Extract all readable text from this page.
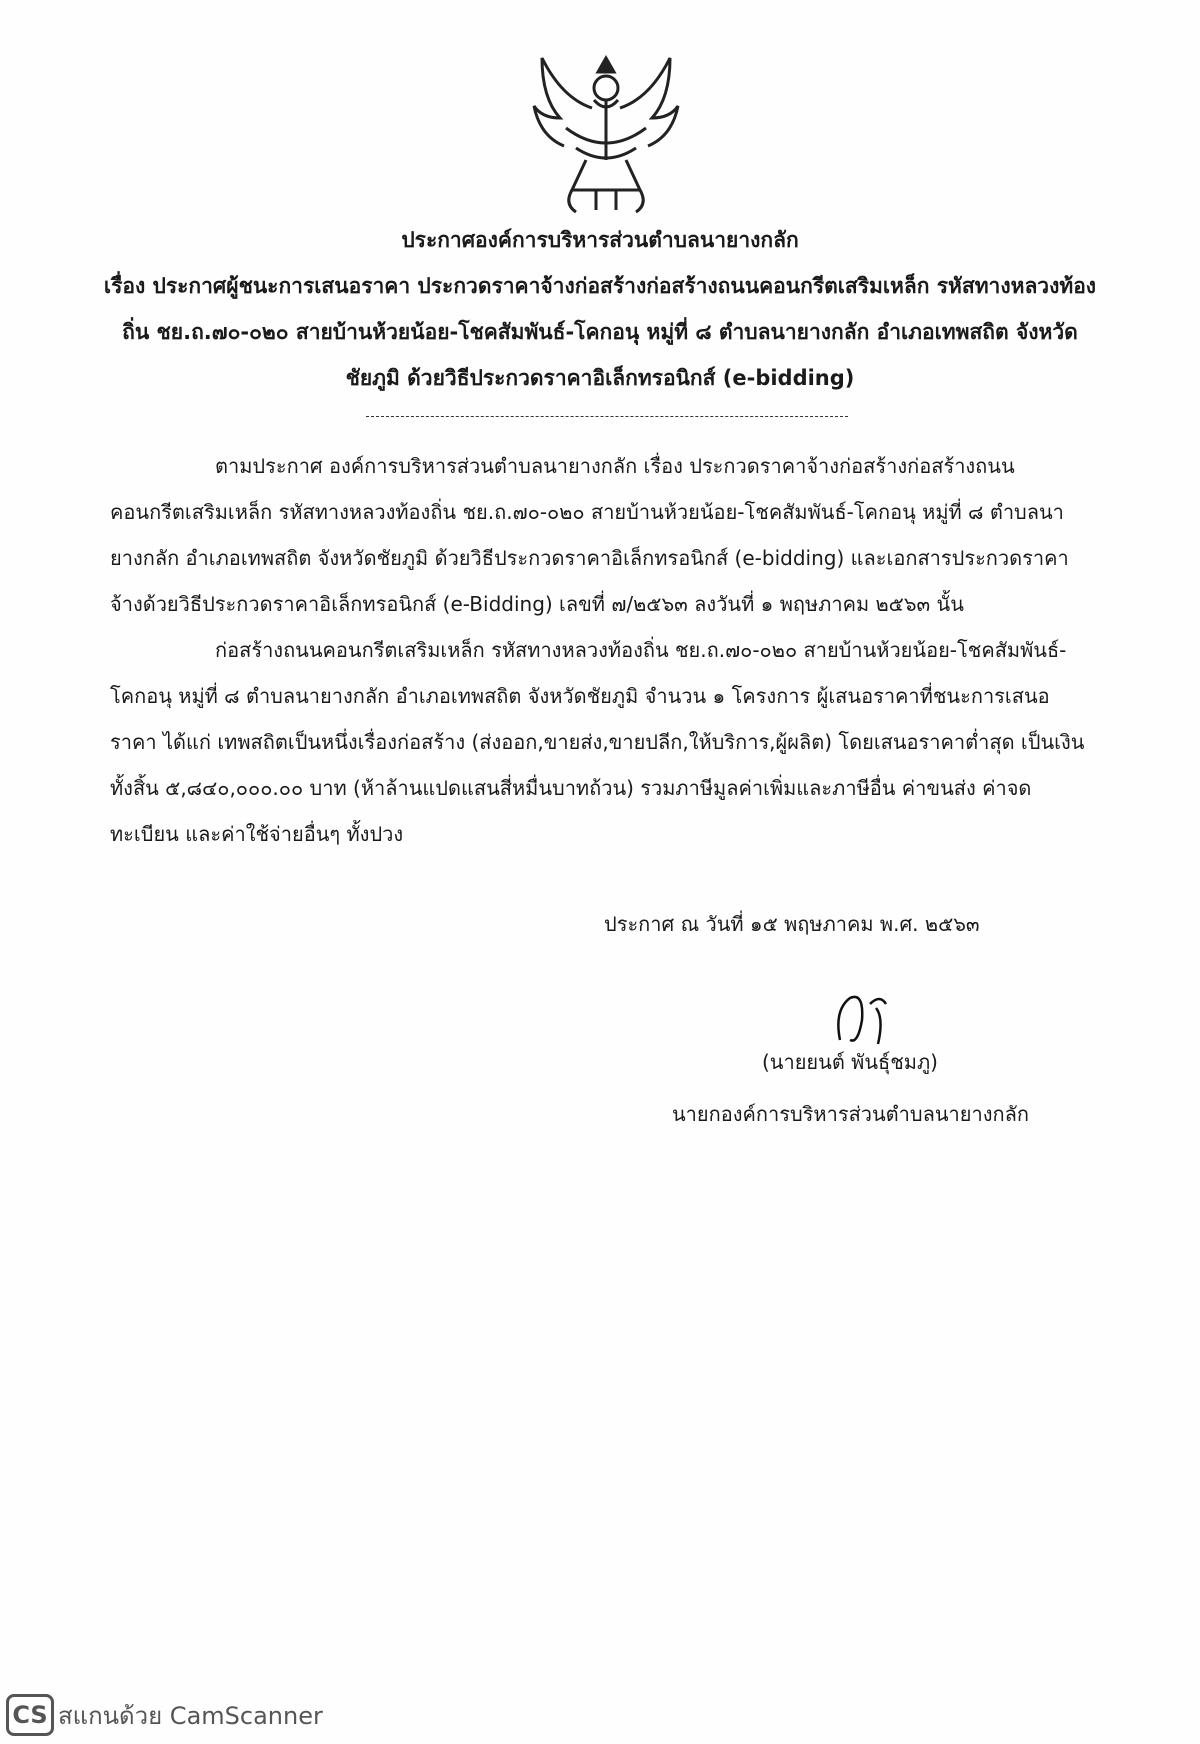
ประกาศองค์การบริหารส่วนตำบลนายางกลัก
เรื่อง ประกาศผู้ชนะการเสนอราคา ประกวดราคาจ้างก่อสร้างก่อสร้างถนนคอนกรีตเสริมเหล็ก รหัสทางหลวงท้อง
ถิ่น ชย.ถ.๗๐-๐๒๐ สายบ้านห้วยน้อย-โชคสัมพันธ์-โคกอนุ หมู่ที่ ๘ ตำบลนายางกลัก อำเภอเทพสถิต จังหวัด
ชัยภูมิ ด้วยวิธีประกวดราคาอิเล็กทรอนิกส์ (e-bidding)
ตามประกาศ องค์การบริหารส่วนตำบลนายางกลัก เรื่อง ประกวดราคาจ้างก่อสร้างก่อสร้างถนน
คอนกรีตเสริมเหล็ก รหัสทางหลวงท้องถิ่น ชย.ถ.๗๐-๐๒๐ สายบ้านห้วยน้อย-โชคสัมพันธ์-โคกอนุ หมู่ที่ ๘ ตำบลนา
ยางกลัก อำเภอเทพสถิต จังหวัดชัยภูมิ ด้วยวิธีประกวดราคาอิเล็กทรอนิกส์ (e-bidding) และเอกสารประกวดราคา
จ้างด้วยวิธีประกวดราคาอิเล็กทรอนิกส์ (e-Bidding) เลขที่ ๗/๒๕๖๓ ลงวันที่ ๑ พฤษภาคม ๒๕๖๓ นั้น
ก่อสร้างถนนคอนกรีตเสริมเหล็ก รหัสทางหลวงท้องถิ่น ชย.ถ.๗๐-๐๒๐ สายบ้านห้วยน้อย-โชคสัมพันธ์-
โคกอนุ หมู่ที่ ๘ ตำบลนายางกลัก อำเภอเทพสถิต จังหวัดชัยภูมิ จำนวน ๑ โครงการ ผู้เสนอราคาที่ชนะการเสนอ
ราคา ได้แก่ เทพสถิตเป็นหนึ่งเรื่องก่อสร้าง (ส่งออก,ขายส่ง,ขายปลีก,ให้บริการ,ผู้ผลิต) โดยเสนอราคาต่ำสุด เป็นเงิน
ทั้งสิ้น ๕,๘๔๐,๐๐๐.๐๐ บาท (ห้าล้านแปดแสนสี่หมื่นบาทถ้วน) รวมภาษีมูลค่าเพิ่มและภาษีอื่น ค่าขนส่ง ค่าจด
ทะเบียน และค่าใช้จ่ายอื่นๆ ทั้งปวง
ประกาศ ณ วันที่ ๑๕ พฤษภาคม พ.ศ. ๒๕๖๓
(นายยนต์ พันธุ์ชมภู)
นายกองค์การบริหารส่วนตำบลนายางกลัก
CS สแกนด้วย CamScanner
